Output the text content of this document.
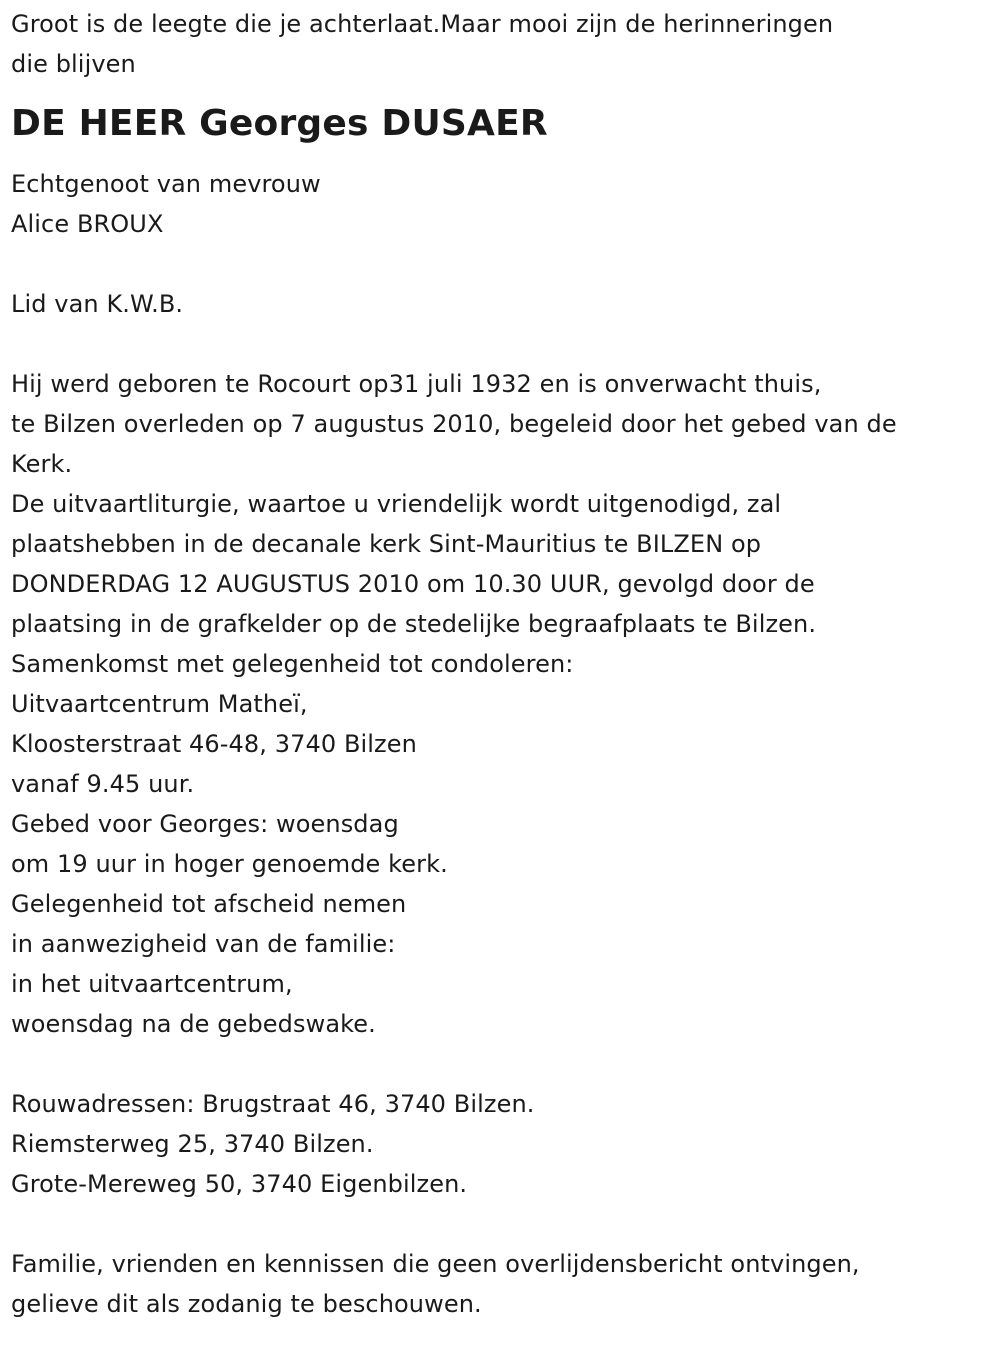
Groot is de leegte die je achterlaat.Maar mooi zijn de herinneringen
die blijven
DE HEER Georges DUSAER
Echtgenoot van mevrouw
Alice BROUX
Lid van K.W.B.
Hij werd geboren te Rocourt op31 juli 1932 en is onverwacht thuis,
te Bilzen overleden op 7 augustus 2010, begeleid door het gebed van de
Kerk.
De uitvaartliturgie, waartoe u vriendelijk wordt uitgenodigd, zal
plaatshebben in de decanale kerk Sint-Mauritius te BILZEN op
DONDERDAG 12 AUGUSTUS 2010 om 10.30 UUR, gevolgd door de
plaatsing in de grafkelder op de stedelijke begraafplaats te Bilzen.
Samenkomst met gelegenheid tot condoleren:
Uitvaartcentrum Matheï,
Kloosterstraat 46-48, 3740 Bilzen
vanaf 9.45 uur.
Gebed voor Georges: woensdag
om 19 uur in hoger genoemde kerk.
Gelegenheid tot afscheid nemen
in aanwezigheid van de familie:
in het uitvaartcentrum,
woensdag na de gebedswake.
Rouwadressen: Brugstraat 46, 3740 Bilzen.
Riemsterweg 25, 3740 Bilzen.
Grote-Mereweg 50, 3740 Eigenbilzen.
Familie, vrienden en kennissen die geen overlijdensbericht ontvingen,
gelieve dit als zodanig te beschouwen.
